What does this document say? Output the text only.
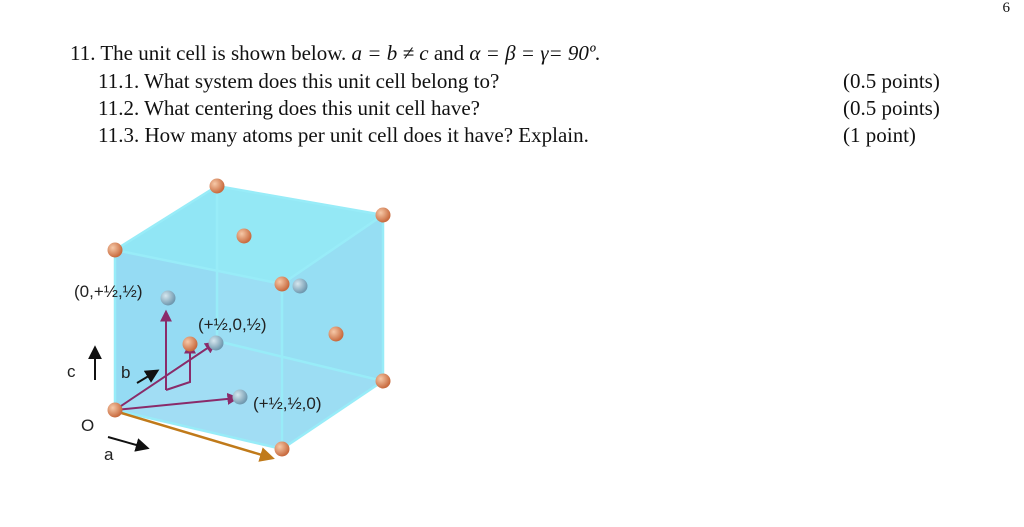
6
11. The unit cell is shown below. a = b ≠ c and α = β = γ= 90º.
11.1. What system does this unit cell belong to?
11.2. What centering does this unit cell have?
11.3. How many atoms per unit cell does it have? Explain.
(0.5 points)
(0.5 points)
(1 point)
(0,+½,½)
(+½,0,½)
(+½,½,0)
c	b
O
a
